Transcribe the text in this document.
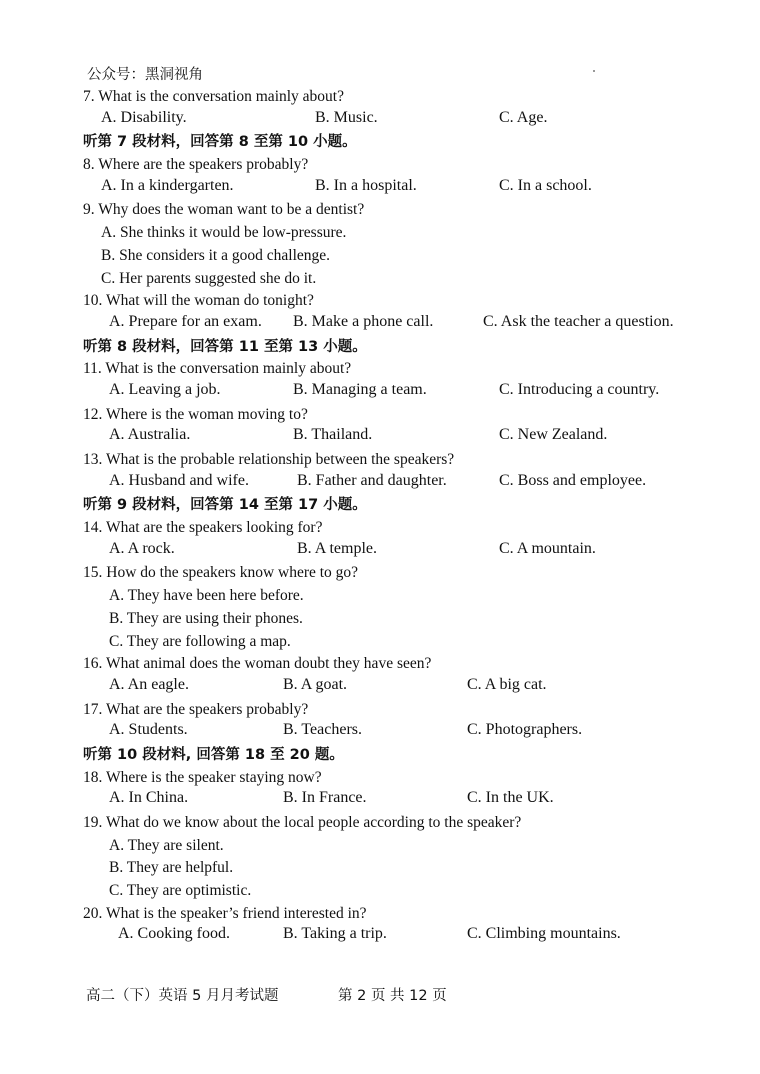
公众号：黑洞视角
7. What is the conversation mainly about?
A. Disability.	B. Music.	C. Age.
听第 7 段材料，回答第 8 至第 10 小题。
8. Where are the speakers probably?
A. In a kindergarten.	B. In a hospital.	C. In a school.
9. Why does the woman want to be a dentist?
A. She thinks it would be low-pressure.
B. She considers it a good challenge.
C. Her parents suggested she do it.
10. What will the woman do tonight?
A. Prepare for an exam. B. Make a phone call.	C. Ask the teacher a question.
听第 8 段材料，回答第 11 至第 13 小题。
11. What is the conversation mainly about?
A. Leaving a job.	B. Managing a team.	C. Introducing a country.
12. Where is the woman moving to?
A. Australia.	B. Thailand.	C. New Zealand.
13. What is the probable relationship between the speakers?
A. Husband and wife.	B. Father and daughter.	C. Boss and employee.
听第 9 段材料，回答第 14 至第 17 小题。
14. What are the speakers looking for?
A. A rock.	B. A temple.	C. A mountain.
15. How do the speakers know where to go?
A. They have been here before.
B. They are using their phones.
C. They are following a map.
16. What animal does the woman doubt they have seen?
A. An eagle.	B. A goat.	C. A big cat.
17. What are the speakers probably?
A. Students.	B. Teachers.	C. Photographers.
听第 10 段材料, 回答第 18 至 20 题。
18. Where is the speaker staying now?
A. In China.	B. In France.	C. In the UK.
19. What do we know about the local people according to the speaker?
A. They are silent.
B. They are helpful.
C. They are optimistic.
20. What is the speaker’s friend interested in?
A. Cooking food.	B. Taking a trip.	C. Climbing mountains.
高二（下）英语 5 月月考试题	第 2 页 共 12 页
